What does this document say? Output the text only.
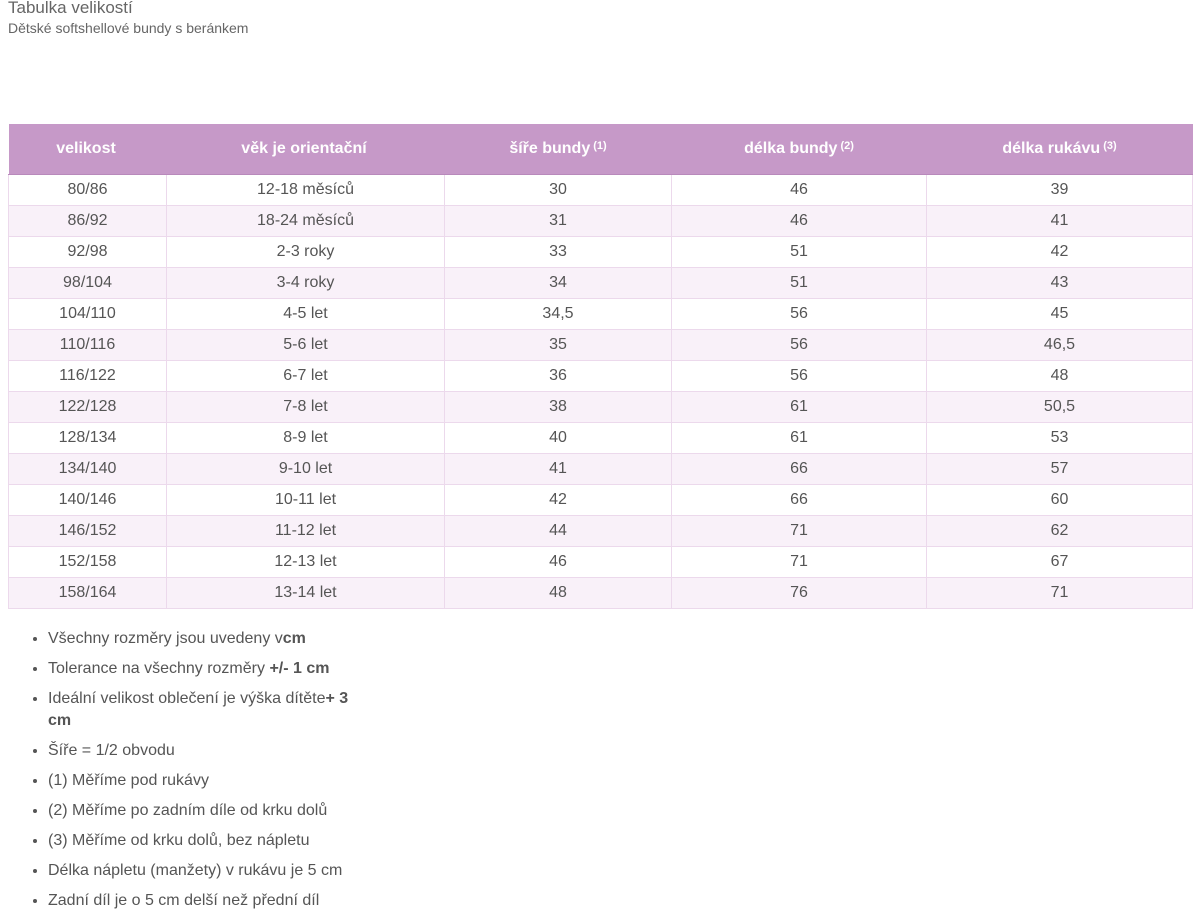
Tabulka velikostí
Dětské softshellové bundy s beránkem
velikost	věk je orientační	šíře bundy $^{(1)}$	délka bundy $^{(2)}$	délka rukávu $^{(3)}$
80/86	12-18 měsíců	30	46	39
86/92	18-24 měsíců	31	46	41
92/98	2-3 roky	33	51	42
98/104	3-4 roky	34	51	43
104/110	4-5 let	34,5	56	45
110/116	5-6 let	35	56	46,5
116/122	6-7 let	36	56	48
122/128	7-8 let	38	61	50,5
128/134	8-9 let	40	61	53
134/140	9-10 let	41	66	57
140/146	10-11 let	42	66	60
146/152	11-12 let	44	71	62
152/158	12-13 let	46	71	67
158/164	13-14 let	48	76	71
• Všechny rozměry jsou uvedeny vcm
• Tolerance na všechny rozměry +/- 1 cm
• Ideální velikost oblečení je výška dítěte+ 3 cm
• Šíře = 1/2 obvodu
• (1) Měříme pod rukávy
• (2) Měříme po zadním díle od krku dolů
• (3) Měříme od krku dolů, bez nápletu
• Délka nápletu (manžety) v rukávu je 5 cm
• Zadní díl je o 5 cm delší než přední díl
